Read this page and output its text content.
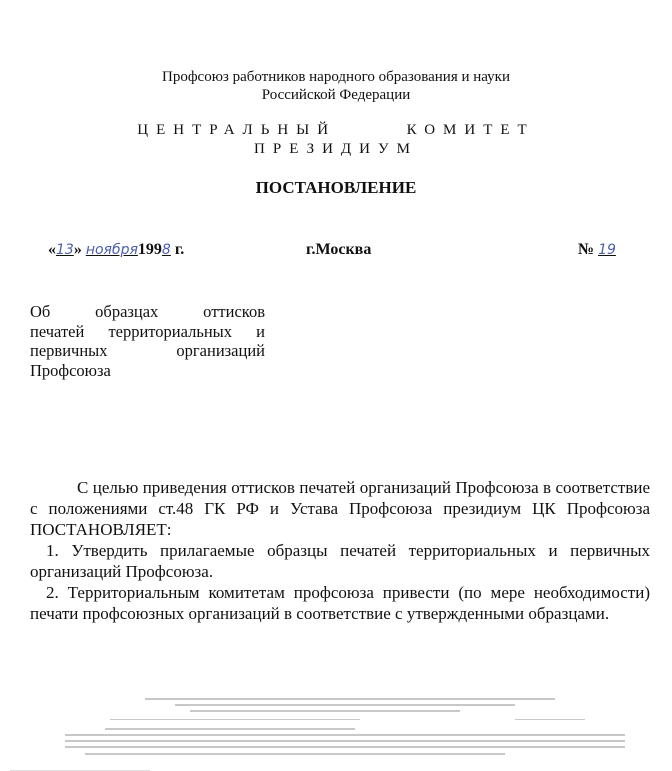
Профсоюз работников народного образования и науки
Российской Федерации
ЦЕНТРАЛЬНЫЙ      КОМИТЕТ
ПРЕЗИДИУМ
ПОСТАНОВЛЕНИЕ
«13» ноября1998 г.	г.Москва	№ 19
Об образцах оттисков
печатей территориальных и
первичных организаций
Профсоюза

С целью приведения оттисков печатей организаций Профсоюза в соответствие с положениями ст.48 ГК РФ и Устава Профсоюза президиум ЦК Профсоюза ПОСТАНОВЛЯЕТ:

1. Утвердить прилагаемые образцы печатей территориальных и первичных организаций Профсоюза.

2. Территориальным комитетам профсоюза привести (по мере необходимости) печати профсоюзных организаций в соответствие с утвержденными образцами.
